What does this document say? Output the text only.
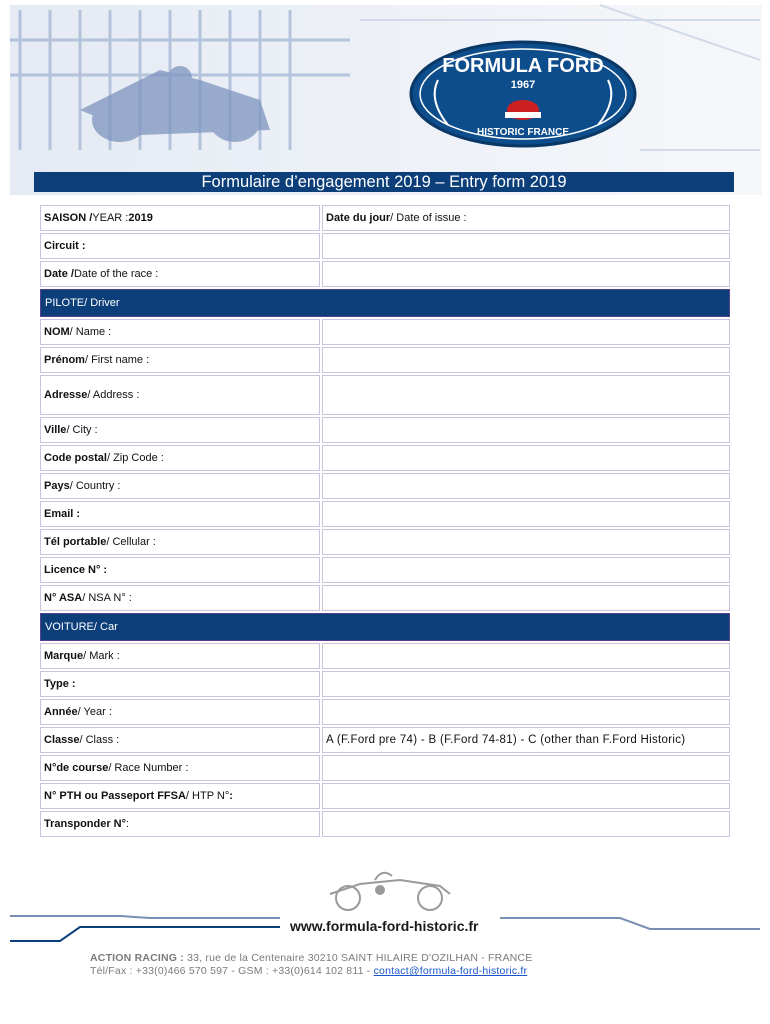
FORMULA FORD
1967
HISTORIC FRANCE
Formulaire d’engagement 2019 – Entry form 2019
SAISON / YEAR : 2019	Date du jour / Date of issue :
Circuit :
Date / Date of the race :
PILOTE / Driver
NOM / Name :
Prénom / First name :
Adresse / Address :
Ville / City :
Code postal / Zip Code :
Pays / Country :
Email :
Tél portable / Cellular :
Licence N° :
N° ASA / NSA N° :
VOITURE / Car
Marque / Mark :
Type :
Année / Year :
Classe / Class :	A (F.Ford pre 74) - B (F.Ford 74-81) - C (other than F.Ford Historic)
N°de course / Race Number :
N° PTH ou Passeport FFSA / HTP N° :
Transponder N° :
www.formula-ford-historic.fr
ACTION RACING : 33, rue de la Centenaire 30210 SAINT HILAIRE D'OZILHAN - FRANCE
Tél/Fax : +33(0)466 570 597 - GSM : +33(0)614 102 811 - contact@formula-ford-historic.fr
